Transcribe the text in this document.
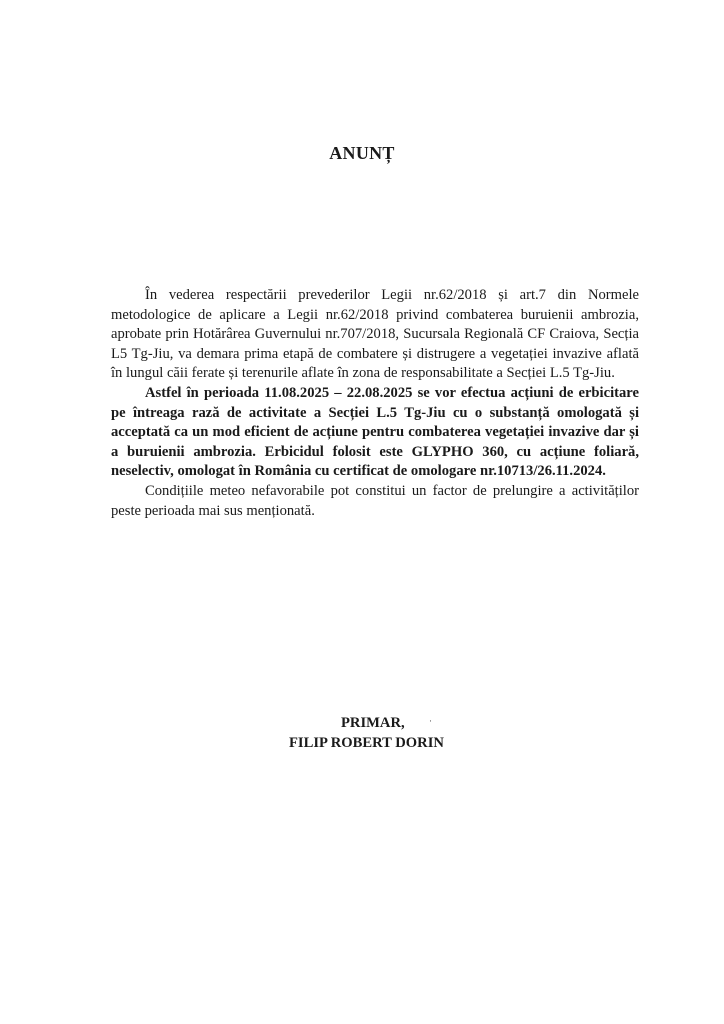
ANUNȚ

În vederea respectării prevederilor Legii nr.62/2018 și art.7 din Normele metodologice de aplicare a Legii nr.62/2018 privind combaterea buruienii ambrozia, aprobate prin Hotărârea Guvernului nr.707/2018, Sucursala Regională CF Craiova, Secția L5 Tg-Jiu, va demara prima etapă de combatere și distrugere a vegetației invazive aflată în lungul căii ferate și terenurile aflate în zona de responsabilitate a Secției L.5 Tg-Jiu.

Astfel în perioada 11.08.2025 – 22.08.2025 se vor efectua acțiuni de erbicitare pe întreaga rază de activitate a Secției L.5 Tg-Jiu cu o substanță omologată și acceptată ca un mod eficient de acțiune pentru combaterea vegetației invazive dar și a buruienii ambrozia. Erbicidul folosit este GLYPHO 360, cu acțiune foliară, neselectiv, omologat în România cu certificat de omologare nr.10713/26.11.2024.

Condițiile meteo nefavorabile pot constitui un factor de prelungire a activităților peste perioada mai sus menționată.

PRIMAR,	·
FILIP ROBERT DORIN
